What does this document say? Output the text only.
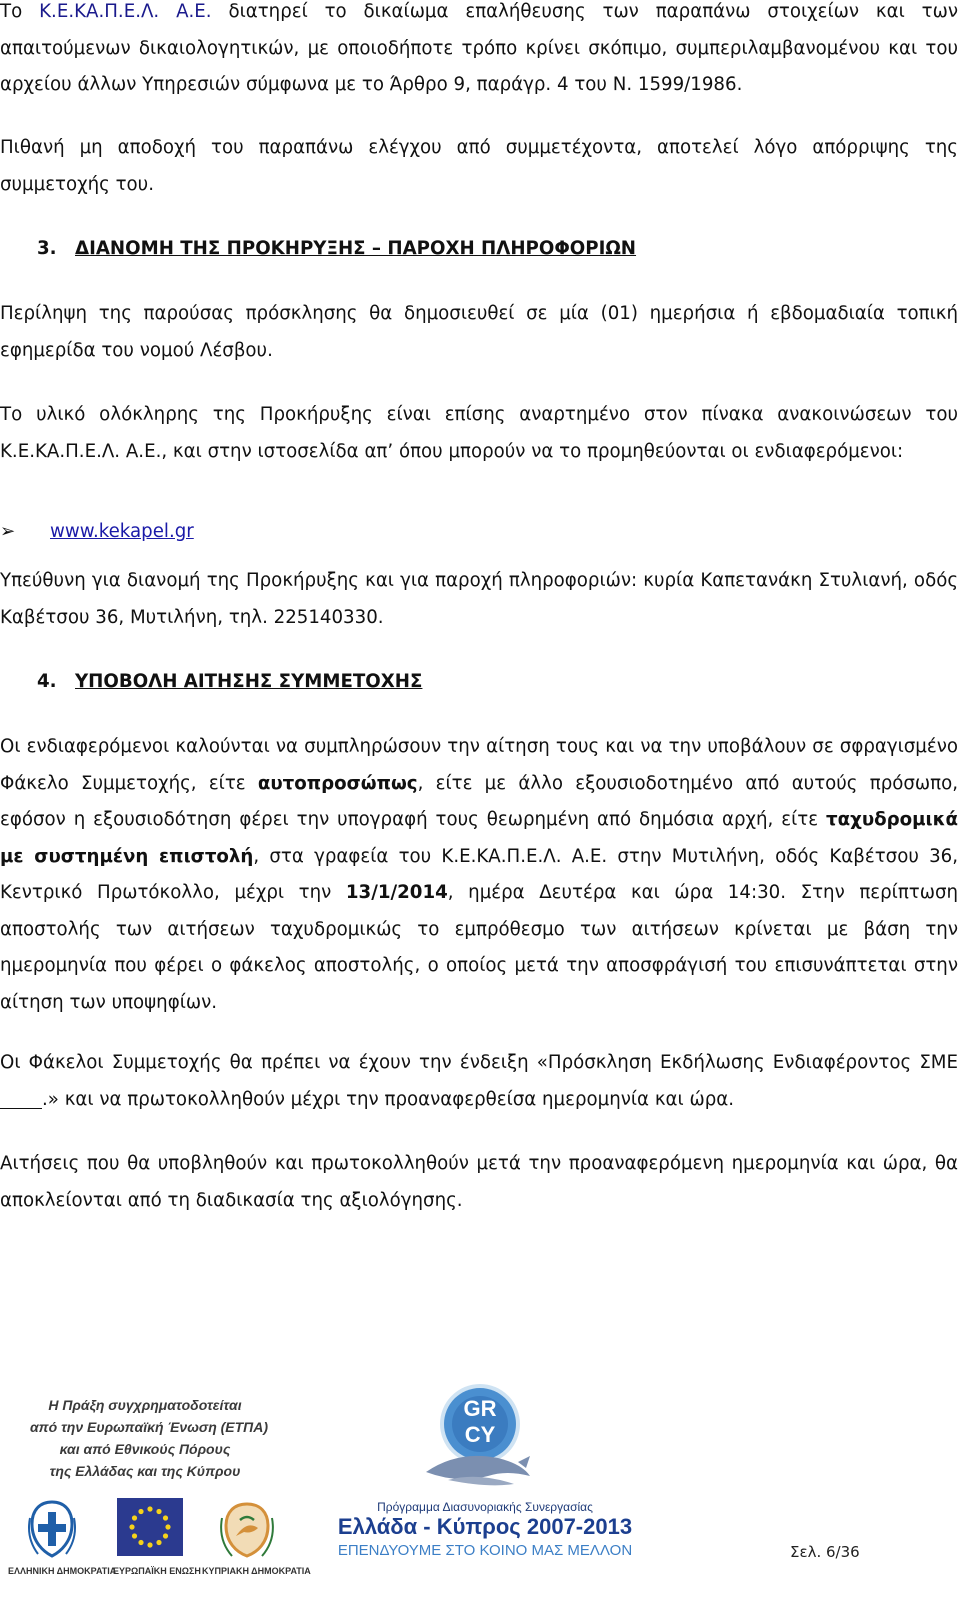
Το Κ.Ε.ΚΑ.Π.Ε.Λ. Α.Ε. διατηρεί το δικαίωμα επαλήθευσης των παραπάνω στοιχείων και των απαιτούμενων δικαιολογητικών, με οποιοδήποτε τρόπο κρίνει σκόπιμο, συμπεριλαμβανομένου και του αρχείου άλλων Υπηρεσιών σύμφωνα με το Άρθρο 9, παράγρ. 4 του Ν. 1599/1986.

Πιθανή μη αποδοχή του παραπάνω ελέγχου από συμμετέχοντα, αποτελεί λόγο απόρριψης της συμμετοχής του.

3. ΔΙΑΝΟΜΗ ΤΗΣ ΠΡΟΚΗΡΥΞΗΣ – ΠΑΡΟΧΗ ΠΛΗΡΟΦΟΡΙΩΝ

Περίληψη της παρούσας πρόσκλησης θα δημοσιευθεί σε μία (01) ημερήσια ή εβδομαδιαία τοπική εφημερίδα του νομού Λέσβου.

Το υλικό ολόκληρης της Προκήρυξης είναι επίσης αναρτημένο στον πίνακα ανακοινώσεων του Κ.Ε.ΚΑ.Π.Ε.Λ. Α.Ε., και στην ιστοσελίδα απ’ όπου μπορούν να το προμηθεύονται οι ενδιαφερόμενοι:

➢ www.kekapel.gr

Υπεύθυνη για διανομή της Προκήρυξης και για παροχή πληροφοριών: κυρία Καπετανάκη Στυλιανή, οδός Καβέτσου 36, Μυτιλήνη, τηλ. 225140330.

4. ΥΠΟΒΟΛΗ ΑΙΤΗΣΗΣ ΣΥΜΜΕΤΟΧΗΣ

Οι ενδιαφερόμενοι καλούνται να συμπληρώσουν την αίτηση τους και να την υποβάλουν σε σφραγισμένο Φάκελο Συμμετοχής, είτε αυτοπροσώπως, είτε με άλλο εξουσιοδοτημένο από αυτούς πρόσωπο, εφόσον η εξουσιοδότηση φέρει την υπογραφή τους θεωρημένη από δημόσια αρχή, είτε ταχυδρομικά με συστημένη επιστολή, στα γραφεία του Κ.Ε.ΚΑ.Π.Ε.Λ. Α.Ε. στην Μυτιλήνη, οδός Καβέτσου 36, Κεντρικό Πρωτόκολλο, μέχρι την 13/1/2014, ημέρα Δευτέρα και ώρα 14:30. Στην περίπτωση αποστολής των αιτήσεων ταχυδρομικώς το εμπρόθεσμο των αιτήσεων κρίνεται με βάση την ημερομηνία που φέρει ο φάκελος αποστολής, ο οποίος μετά την αποσφράγισή του επισυνάπτεται στην αίτηση των υποψηφίων.

Οι Φάκελοι Συμμετοχής θα πρέπει να έχουν την ένδειξη «Πρόσκληση Εκδήλωσης Ενδιαφέροντος ΣΜΕ .» και να πρωτοκολληθούν μέχρι την προαναφερθείσα ημερομηνία και ώρα.

Αιτήσεις που θα υποβληθούν και πρωτοκολληθούν μετά την προαναφερόμενη ημερομηνία και ώρα, θα αποκλείονται από τη διαδικασία της αξιολόγησης.

Η Πράξη συγχρηματοδοτείται
από την Ευρωπαϊκή Ένωση (ΕΤΠΑ)
και από Εθνικούς Πόρους
της Ελλάδας και της Κύπρου
ΕΛΛΗΝΙΚΗ ΔΗΜΟΚΡΑΤΙΑ
ΕΥΡΩΠΑΪΚΗ ΕΝΩΣΗ ΚΥΠΡΙΑΚΗ ΔΗΜΟΚΡΑΤΙΑ
GR
CY
Πρόγραμμα Διασυνοριακής Συνεργασίας
Ελλάδα - Κύπρος 2007-2013
ΕΠΕΝΔΥΟΥΜΕ ΣΤΟ ΚΟΙΝΟ ΜΑΣ ΜΕΛΛΟΝ	Σελ. 6/36
